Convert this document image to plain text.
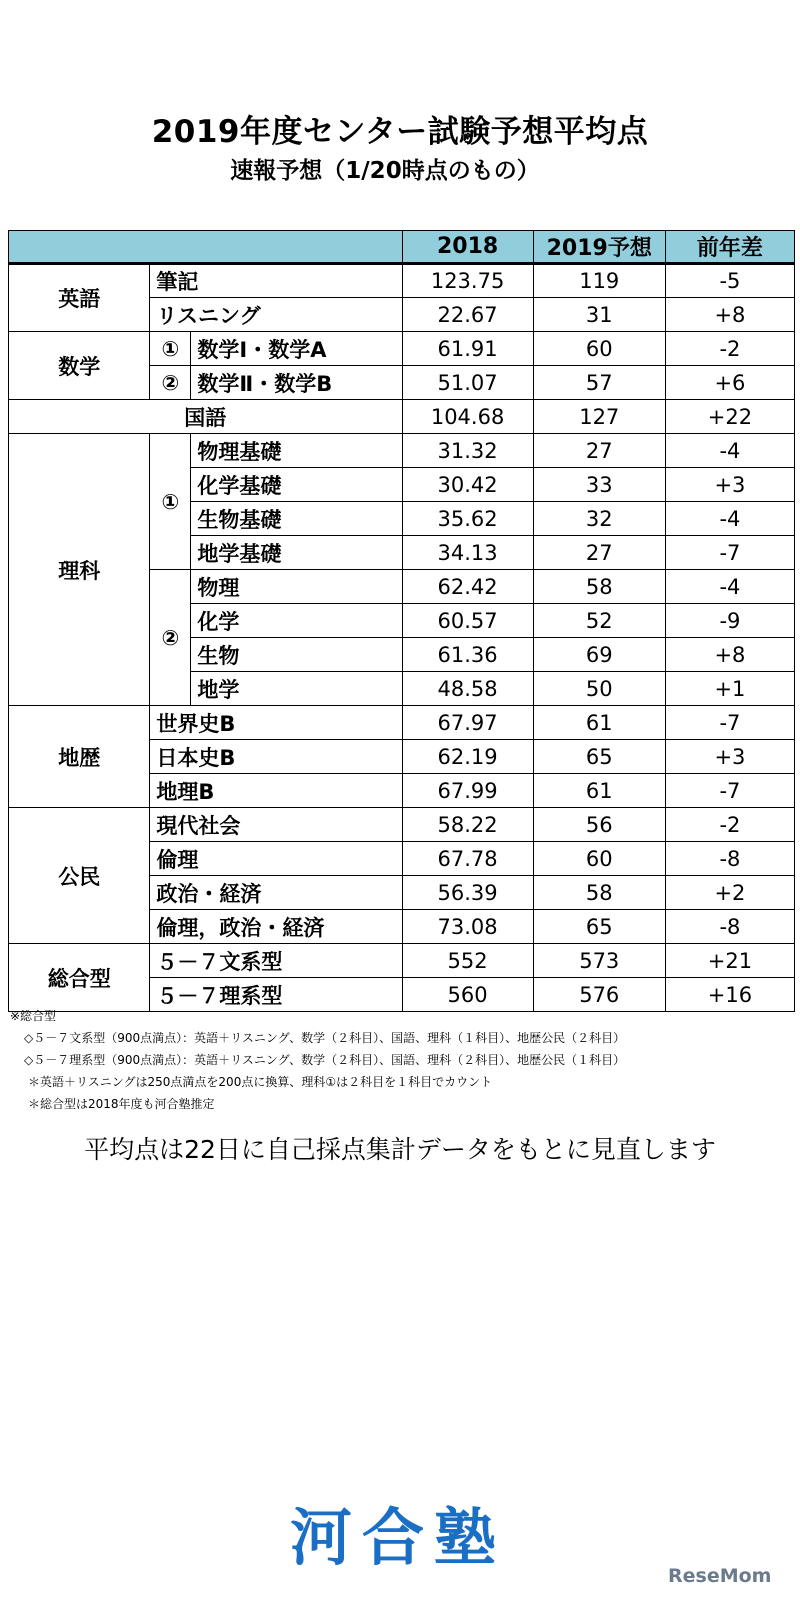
2019年度センター試験予想平均点
速報予想（1/20時点のもの）
			2018	2019予想	前年差
英語	筆記		123.75	119	-5
	リスニング		22.67	31	+8
数学	①	数学Ⅰ・数学A	61.91	60	-2
	②	数学Ⅱ・数学B	51.07	57	+6
国語			104.68	127	+22
理科	①	物理基礎	31.32	27	-4
		化学基礎	30.42	33	+3
		生物基礎	35.62	32	-4
		地学基礎	34.13	27	-7
	②	物理	62.42	58	-4
		化学	60.57	52	-9
		生物	61.36	69	+8
		地学	48.58	50	+1
地歴	世界史B		67.97	61	-7
	日本史B		62.19	65	+3
	地理B		67.99	61	-7
公民	現代社会		58.22	56	-2
	倫理		67.78	60	-8
	政治・経済		56.39	58	+2
	倫理，政治・経済		73.08	65	-8
総合型	５－７文系型		552	573	+21
	５－７理系型		560	576	+16
※総合型
◇５－７文系型（900点満点）：英語＋リスニング、数学（２科目）、国語、理科（１科目）、地歴公民（２科目）
◇５－７理系型（900点満点）：英語＋リスニング、数学（２科目）、国語、理科（２科目）、地歴公民（１科目）
＊英語＋リスニングは250点満点を200点に換算、理科①は２科目を１科目でカウント
＊総合型は2018年度も河合塾推定
平均点は22日に自己採点集計データをもとに見直します
河合塾
ReseMom
